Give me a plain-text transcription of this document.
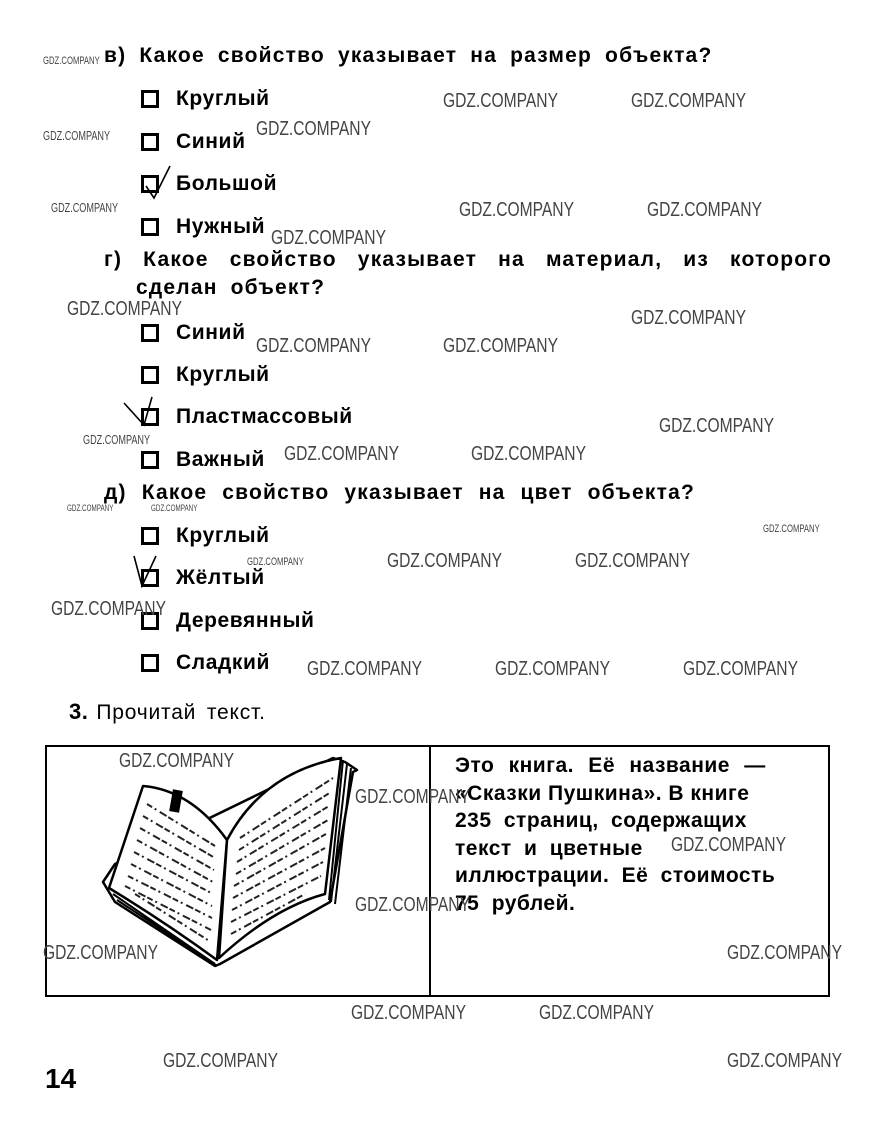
в) Какое свойство указывает на размер объекта?
Круглый
Синий
Большой
Нужный
г) Какое свойство указывает на материал, из которого
сделан объект?
Синий
Круглый
Пластмассовый
Важный
д) Какое свойство указывает на цвет объекта?
Круглый
Жёлтый
Деревянный
Сладкий
3. Прочитай текст.
Это книга. Её название —
«Сказки Пушкина». В книге
235 страниц, содержащих
текст и цветные
иллюстрации. Её стоимость
75 рублей.
14
GDZ.COMPANY
GDZ.COMPANY	GDZ.COMPANY
GDZ.COMPANY	GDZ.COMPANY
GDZ.COMPANY	GDZ.COMPANY	GDZ.COMPANY
GDZ.COMPANY
GDZ.COMPANY	GDZ.COMPANY
GDZ.COMPANY	GDZ.COMPANY
GDZ.COMPANY
GDZ.COMPANY
GDZ.COMPANY	GDZ.COMPANY
GDZ.COMPANY	GDZ.COMPANY
GDZ.COMPANY
GDZ.COMPANY	GDZ.COMPANY	GDZ.COMPANY
GDZ.COMPANY
GDZ.COMPANY	GDZ.COMPANY	GDZ.COMPANY
GDZ.COMPANY
GDZ.COMPANY
GDZ.COMPANY
GDZ.COMPANY
GDZ.COMPANY	GDZ.COMPANY
GDZ.COMPANY	GDZ.COMPANY
GDZ.COMPANY	GDZ.COMPANY
